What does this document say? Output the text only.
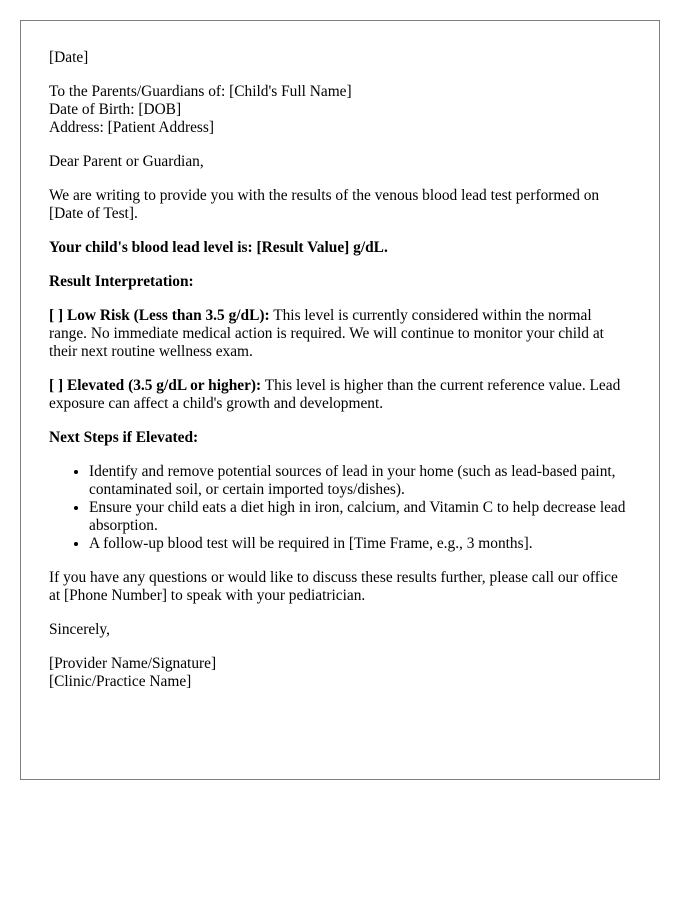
[Date]

To the Parents/Guardians of: [Child's Full Name]
Date of Birth: [DOB]
Address: [Patient Address]

Dear Parent or Guardian,

We are writing to provide you with the results of the venous blood lead test performed on [Date of Test].

Your child's blood lead level is: [Result Value] g/dL.

Result Interpretation:

[ ] Low Risk (Less than 3.5 g/dL): This level is currently considered within the normal range. No immediate medical action is required. We will continue to monitor your child at their next routine wellness exam.

[ ] Elevated (3.5 g/dL or higher): This level is higher than the current reference value. Lead exposure can affect a child's growth and development.

Next Steps if Elevated:

• Identify and remove potential sources of lead in your home (such as lead-based paint, contaminated soil, or certain imported toys/dishes).
• Ensure your child eats a diet high in iron, calcium, and Vitamin C to help decrease lead absorption.
• A follow-up blood test will be required in [Time Frame, e.g., 3 months].

If you have any questions or would like to discuss these results further, please call our office at [Phone Number] to speak with your pediatrician.

Sincerely,

[Provider Name/Signature]
[Clinic/Practice Name]
